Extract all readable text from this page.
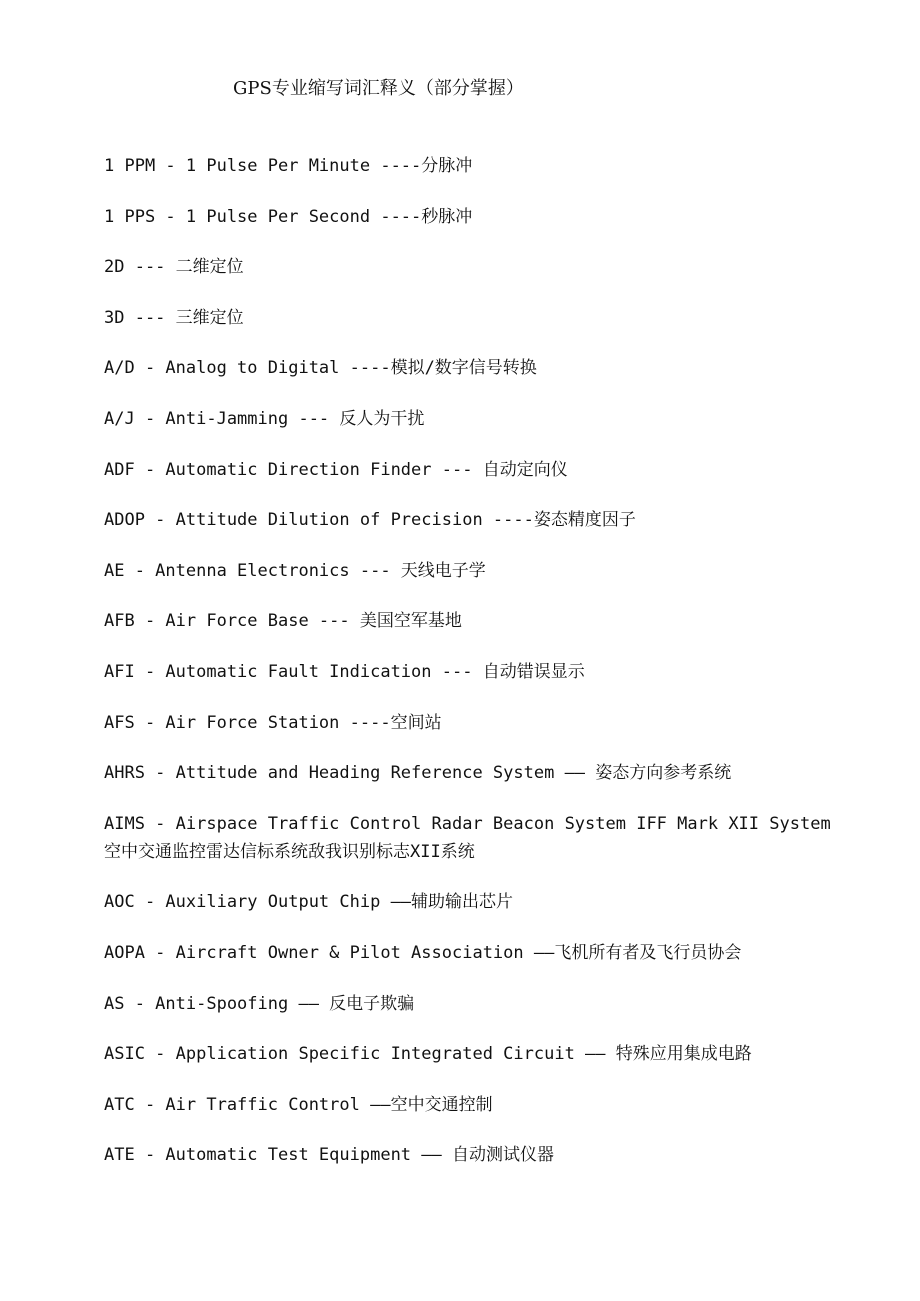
GPS专业缩写词汇释义（部分掌握）
1 PPM - 1 Pulse Per Minute ----分脉冲
1 PPS - 1 Pulse Per Second ----秒脉冲
2D --- 二维定位
3D --- 三维定位
A/D - Analog to Digital ----模拟/数字信号转换
A/J - Anti-Jamming --- 反人为干扰
ADF - Automatic Direction Finder --- 自动定向仪
ADOP - Attitude Dilution of Precision ----姿态精度因子
AE - Antenna Electronics --- 天线电子学
AFB - Air Force Base --- 美国空军基地
AFI - Automatic Fault Indication --- 自动错误显示
AFS - Air Force Station ----空间站
AHRS - Attitude and Heading Reference System —— 姿态方向参考系统
AIMS - Airspace Traffic Control Radar Beacon System IFF Mark XII System
空中交通监控雷达信标系统敌我识别标志XII系统
AOC - Auxiliary Output Chip ——辅助输出芯片
AOPA - Aircraft Owner & Pilot Association ——飞机所有者及飞行员协会
AS - Anti-Spoofing —— 反电子欺骗
ASIC - Application Specific Integrated Circuit —— 特殊应用集成电路
ATC - Air Traffic Control ——空中交通控制
ATE - Automatic Test Equipment —— 自动测试仪器
